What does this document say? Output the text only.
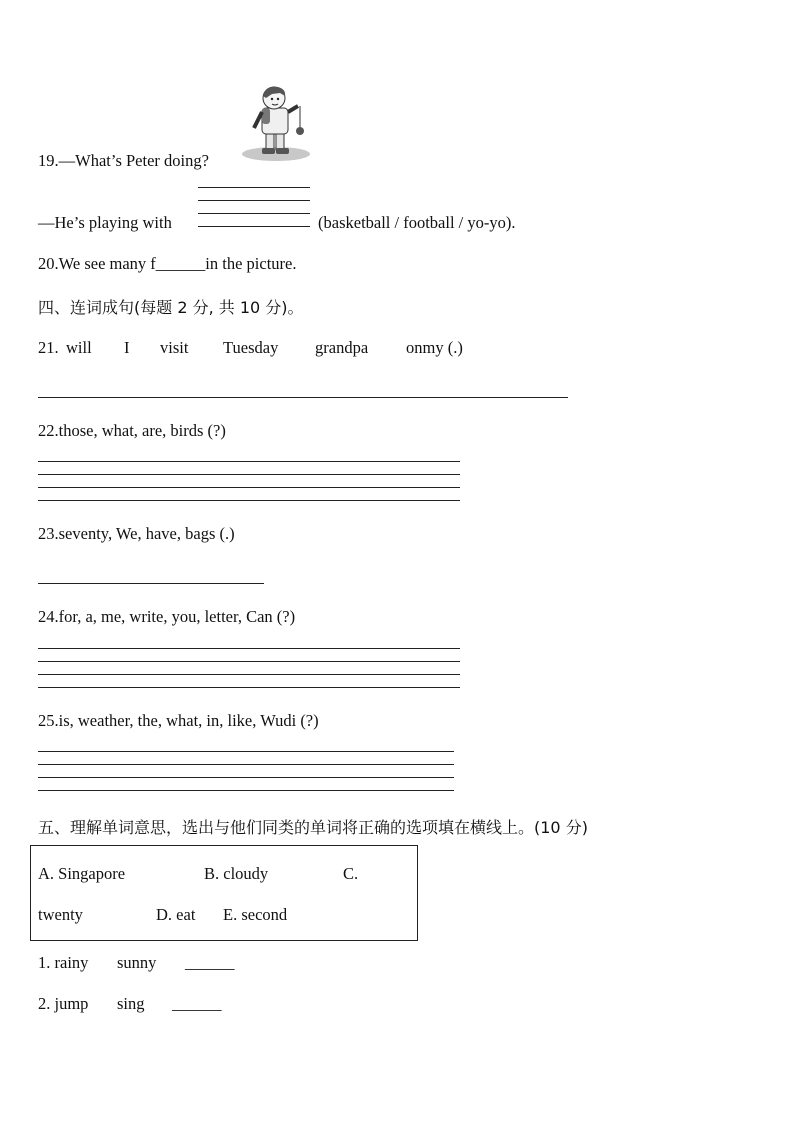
19.—What’s Peter doing?
—He’s playing with	(basketball / football / yo-yo).
20.We see many f______in the picture.
四、连词成句(每题 2 分, 共 10 分)。
21. will I visit Tuesday grandpa onmy (.)
22.those, what, are, birds (?)
23.seventy, We, have, bags (.)
24.for, a, me, write, you, letter, Can (?)
25.is, weather, the, what, in, like, Wudi (?)
五、理解单词意思，选出与他们同类的单词将正确的选项填在横线上。(10 分)
A. Singapore	B. cloudy	C.
twenty	D. eat E. second
1. rainy sunny ______
2. jump sing ______
